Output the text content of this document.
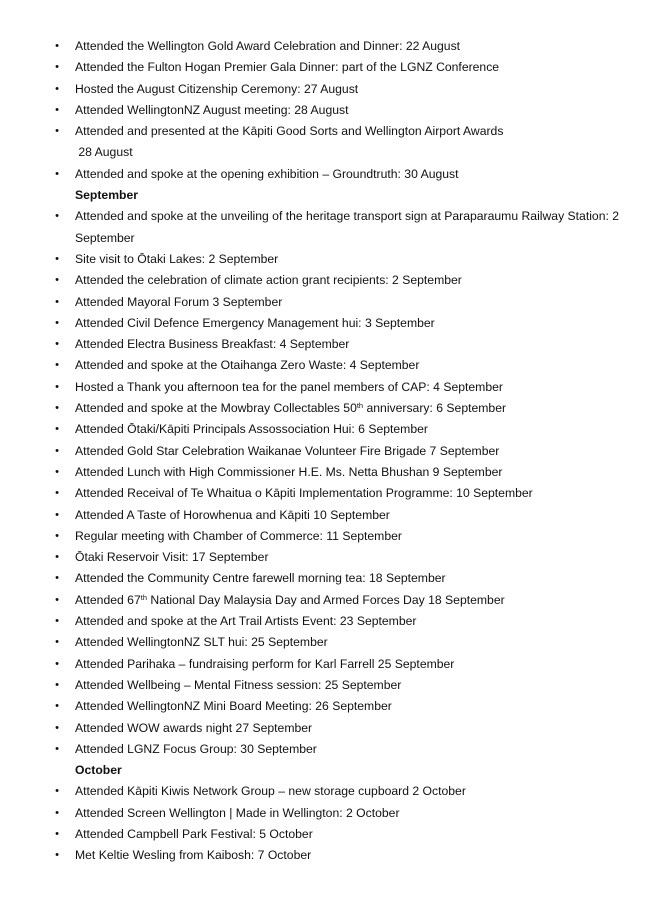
•	Attended the Wellington Gold Award Celebration and Dinner: 22 August
•	Attended the Fulton Hogan Premier Gala Dinner: part of the LGNZ Conference
•	Hosted the August Citizenship Ceremony: 27 August
•	Attended WellingtonNZ August meeting: 28 August
•	Attended and presented at the Kāpiti Good Sorts and Wellington Airport Awards
28 August
•	Attended and spoke at the opening exhibition – Groundtruth: 30 August
September
•	Attended and spoke at the unveiling of the heritage transport sign at Paraparaumu Railway Station: 2
September
•	Site visit to Ōtaki Lakes: 2 September
•	Attended the celebration of climate action grant recipients: 2 September
•	Attended Mayoral Forum 3 September
•	Attended Civil Defence Emergency Management hui: 3 September
•	Attended Electra Business Breakfast: 4 September
•	Attended and spoke at the Otaihanga Zero Waste: 4 September
•	Hosted a Thank you afternoon tea for the panel members of CAP: 4 September
•	Attended and spoke at the Mowbray Collectables 50th anniversary: 6 September
•	Attended Ōtaki/Kāpiti Principals Assossociation Hui: 6 September
•	Attended Gold Star Celebration Waikanae Volunteer Fire Brigade 7 September
•	Attended Lunch with High Commissioner H.E. Ms. Netta Bhushan 9 September
•	Attended Receival of Te Whaitua o Kāpiti Implementation Programme: 10 September
•	Attended A Taste of Horowhenua and Kāpiti 10 September
•	Regular meeting with Chamber of Commerce: 11 September
•	Ōtaki Reservoir Visit: 17 September
•	Attended the Community Centre farewell morning tea: 18 September
•	Attended 67th National Day Malaysia Day and Armed Forces Day 18 September
•	Attended and spoke at the Art Trail Artists Event: 23 September
•	Attended WellingtonNZ SLT hui: 25 September
•	Attended Parihaka – fundraising perform for Karl Farrell 25 September
•	Attended Wellbeing – Mental Fitness session: 25 September
•	Attended WellingtonNZ Mini Board Meeting: 26 September
•	Attended WOW awards night 27 September
•	Attended LGNZ Focus Group: 30 September
October
•	Attended Kāpiti Kiwis Network Group – new storage cupboard 2 October
•	Attended Screen Wellington | Made in Wellington: 2 October
•	Attended Campbell Park Festival: 5 October
•	Met Keltie Wesling from Kaibosh: 7 October
